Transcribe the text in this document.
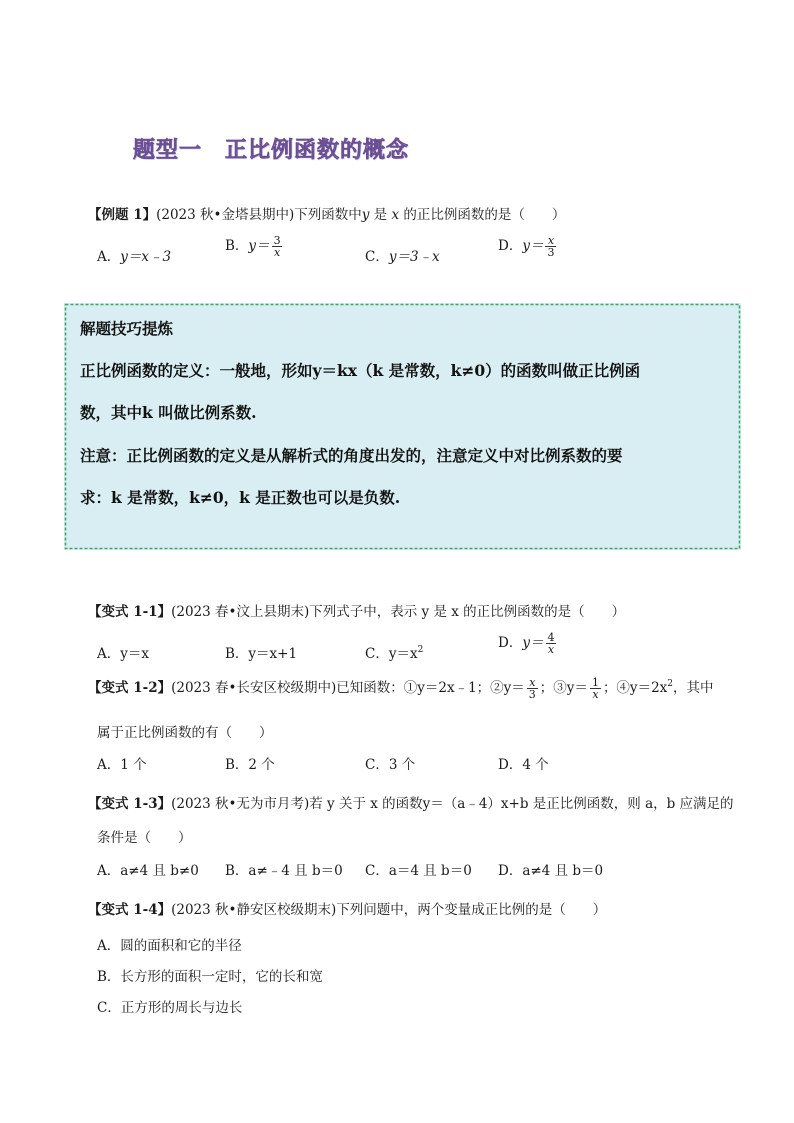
题型一　正比例函数的概念
【例题 1】(2023 秋•金塔县期中)下列函数中y 是 x 的正比例函数的是（　　）
A．y＝x﹣3
B．$y= \frac{3}{x}$	C．y＝3﹣x
D．$y= \frac{x}{3}$
解题技巧提炼
正比例函数的定义：一般地，形如y＝kx（k 是常数，k≠0）的函数叫做正比例函
数，其中k 叫做比例系数.
注意：正比例函数的定义是从解析式的角度出发的，注意定义中对比例系数的要
求：k 是常数，k≠0，k 是正数也可以是负数.
【变式 1-1】(2023 春•汶上县期末)下列式子中，表示 y 是 x 的正比例函数的是（　　）
A．y＝x	B．y＝x+1	C．$y=x^2$	D．$y= \frac{4}{x}$
【变式 1-2】(2023 春•长安区校级期中)已知函数：①y＝2x﹣1；②y＝ $\frac{x}{3}$ ；③y＝ $\frac{1}{x}$ ；$④y=2x^2$，其中
属于正比例函数的有（　　）
A．1 个	B．2 个	C．3 个	D．4 个
【变式 1-3】(2023 秋•无为市月考)若 y 关于 x 的函数y＝（a﹣4）x+b 是正比例函数，则 a，b 应满足的
条件是（　　）
A．a≠4 且 b≠0 B．a≠﹣4 且 b＝0 C．a＝4 且 b＝0 D．a≠4 且 b＝0
【变式 1-4】(2023 秋•静安区校级期末)下列问题中，两个变量成正比例的是（　　）
A．圆的面积和它的半径
B．长方形的面积一定时，它的长和宽
C．正方形的周长与边长
